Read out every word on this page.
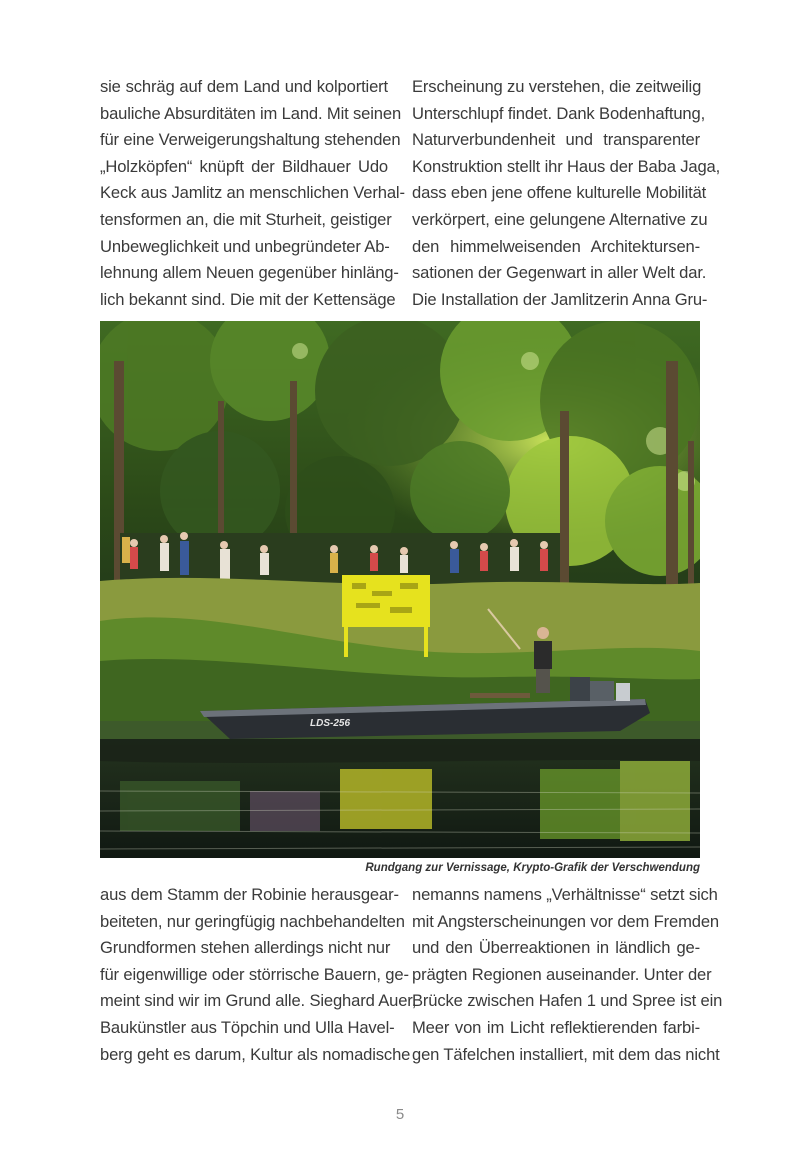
sie schräg auf dem Land und kolportiert
bauliche Absurditäten im Land. Mit seinen
für eine Verweigerungshaltung stehenden
„Holzköpfen“ knüpft der Bildhauer Udo
Keck aus Jamlitz an menschlichen Verhal-
tensformen an, die mit Sturheit, geistiger
Unbeweglichkeit und unbegründeter Ab-
lehnung allem Neuen gegenüber hinläng-
lich bekannt sind. Die mit der Kettensäge
Erscheinung zu verstehen, die zeitweilig
Unterschlupf findet. Dank Bodenhaftung,
Naturverbundenheit und transparenter
Konstruktion stellt ihr Haus der Baba Jaga,
dass eben jene offene kulturelle Mobilität
verkörpert, eine gelungene Alternative zu
den himmelweisenden Architektursen-
sationen der Gegenwart in aller Welt dar.
Die Installation der Jamlitzerin Anna Gru-
LDS-256
Rundgang zur Vernissage, Krypto-Grafik der Verschwendung
aus dem Stamm der Robinie herausgear-
beiteten, nur geringfügig nachbehandelten
Grundformen stehen allerdings nicht nur
für eigenwillige oder störrische Bauern, ge-
meint sind wir im Grund alle. Sieghard Auer,
Baukünstler aus Töpchin und Ulla Havel-
berg geht es darum, Kultur als nomadische
nemanns namens „Verhältnisse“ setzt sich
mit Angsterscheinungen vor dem Fremden
und den Überreaktionen in ländlich ge-
prägten Regionen auseinander. Unter der
Brücke zwischen Hafen 1 und Spree ist ein
Meer von im Licht reflektierenden farbi-
gen Täfelchen installiert, mit dem das nicht
5
